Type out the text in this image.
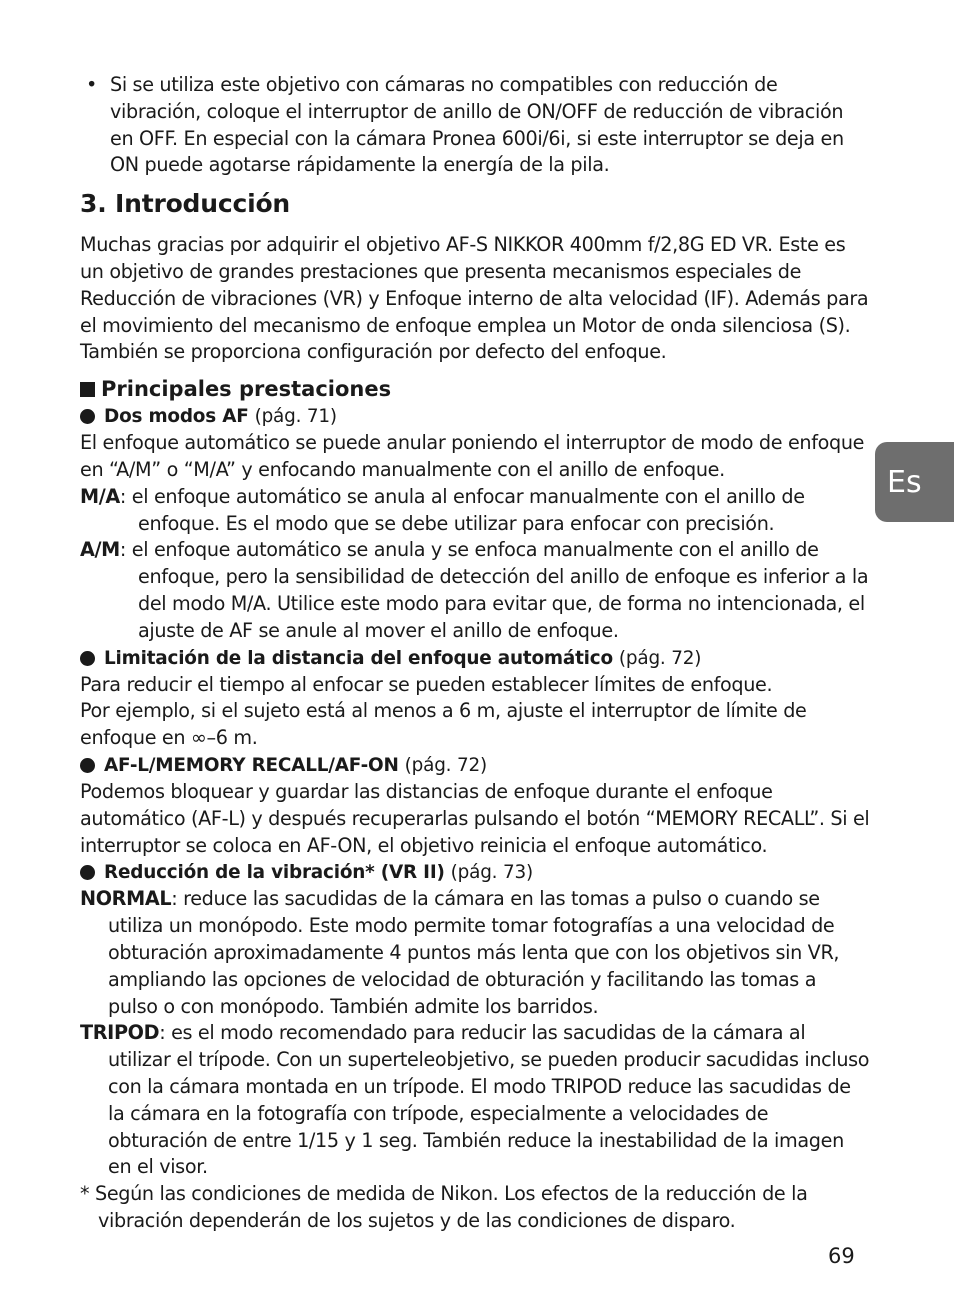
• Si se utiliza este objetivo con cámaras no compatibles con reducción de vibración, coloque el interruptor de anillo de ON/OFF de reducción de vibración en OFF. En especial con la cámara Pronea 600i/6i, si este interruptor se deja en ON puede agotarse rápidamente la energía de la pila.
3. Introducción

Muchas gracias por adquirir el objetivo AF-S NIKKOR 400mm f/2,8G ED VR. Este es un objetivo de grandes prestaciones que presenta mecanismos especiales de Reducción de vibraciones (VR) y Enfoque interno de alta velocidad (IF). Además para el movimiento del mecanismo de enfoque emplea un Motor de onda silenciosa (S). También se proporciona configuración por defecto del enfoque.

Principales prestaciones
Dos modos AF (pág. 71)

El enfoque automático se puede anular poniendo el interruptor de modo de enfoque en “A/M” o “M/A” y enfocando manualmente con el anillo de enfoque.

M/A: el enfoque automático se anula al enfocar manualmente con el anillo de enfoque. Es el modo que se debe utilizar para enfocar con precisión.
A/M: el enfoque automático se anula y se enfoca manualmente con el anillo de enfoque, pero la sensibilidad de detección del anillo de enfoque es inferior a la del modo M/A. Utilice este modo para evitar que, de forma no intencionada, el ajuste de AF se anule al mover el anillo de enfoque.
Limitación de la distancia del enfoque automático (pág. 72)

Para reducir el tiempo al enfocar se pueden establecer límites de enfoque.

Por ejemplo, si el sujeto está al menos a 6 m, ajuste el interruptor de límite de enfoque en ∞–6 m.

AF-L/MEMORY RECALL/AF-ON (pág. 72)

Podemos bloquear y guardar las distancias de enfoque durante el enfoque automático (AF-L) y después recuperarlas pulsando el botón “MEMORY RECALL”. Si el interruptor se coloca en AF-ON, el objetivo reinicia el enfoque automático.

Reducción de la vibración* (VR II) (pág. 73)
NORMAL: reduce las sacudidas de la cámara en las tomas a pulso o cuando se utiliza un monópodo. Este modo permite tomar fotografías a una velocidad de obturación aproximadamente 4 puntos más lenta que con los objetivos sin VR, ampliando las opciones de velocidad de obturación y facilitando las tomas a pulso o con monópodo. También admite los barridos.
TRIPOD: es el modo recomendado para reducir las sacudidas de la cámara al utilizar el trípode. Con un superteleobjetivo, se pueden producir sacudidas incluso con la cámara montada en un trípode. El modo TRIPOD reduce las sacudidas de la cámara en la fotografía con trípode, especialmente a velocidades de obturación de entre 1/15 y 1 seg. También reduce la inestabilidad de la imagen en el visor.

* Según las condiciones de medida de Nikon. Los efectos de la reducción de la vibración dependerán de los sujetos y de las condiciones de disparo.

Es
69
